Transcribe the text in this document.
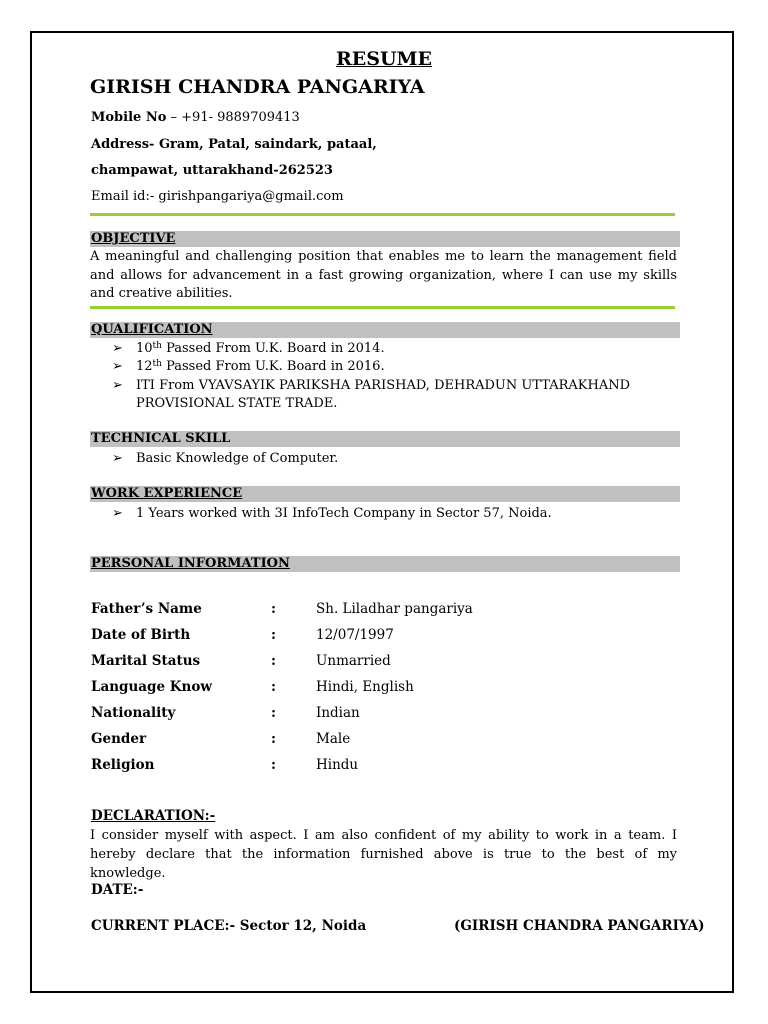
RESUME
GIRISH CHANDRA PANGARIYA
Mobile No – +91- 9889709413
Address- Gram, Patal, saindark, pataal,
champawat, uttarakhand-262523
Email id:- girishpangariya@gmail.com
OBJECTIVE
A meaningful and challenging position that enables me to learn the management field and allows for advancement in a fast growing organization, where I can use my skills and creative abilities.
QUALIFICATION
➢ 10th Passed From U.K. Board in 2014.
➢ 12th Passed From U.K. Board in 2016.
➢ ITI From VYAVSAYIK PARIKSHA PARISHAD, DEHRADUN UTTARAKHAND
PROVISIONAL STATE TRADE.
TECHNICAL SKILL
➢ Basic Knowledge of Computer.
WORK EXPERIENCE
➢ 1 Years worked with 3I InfoTech Company in Sector 57, Noida.
PERSONAL INFORMATION
Father’s Name	:	Sh. Liladhar pangariya
Date of Birth	:	12/07/1997
Marital Status	:	Unmarried
Language Know	:	Hindi, English
Nationality	:	Indian
Gender	:	Male
Religion	:	Hindu
DECLARATION:-
I consider myself with aspect. I am also confident of my ability to work in a team. I hereby declare that the information furnished above is true to the best of my knowledge.
DATE:-
CURRENT PLACE:- Sector 12, Noida	(GIRISH CHANDRA PANGARIYA)
